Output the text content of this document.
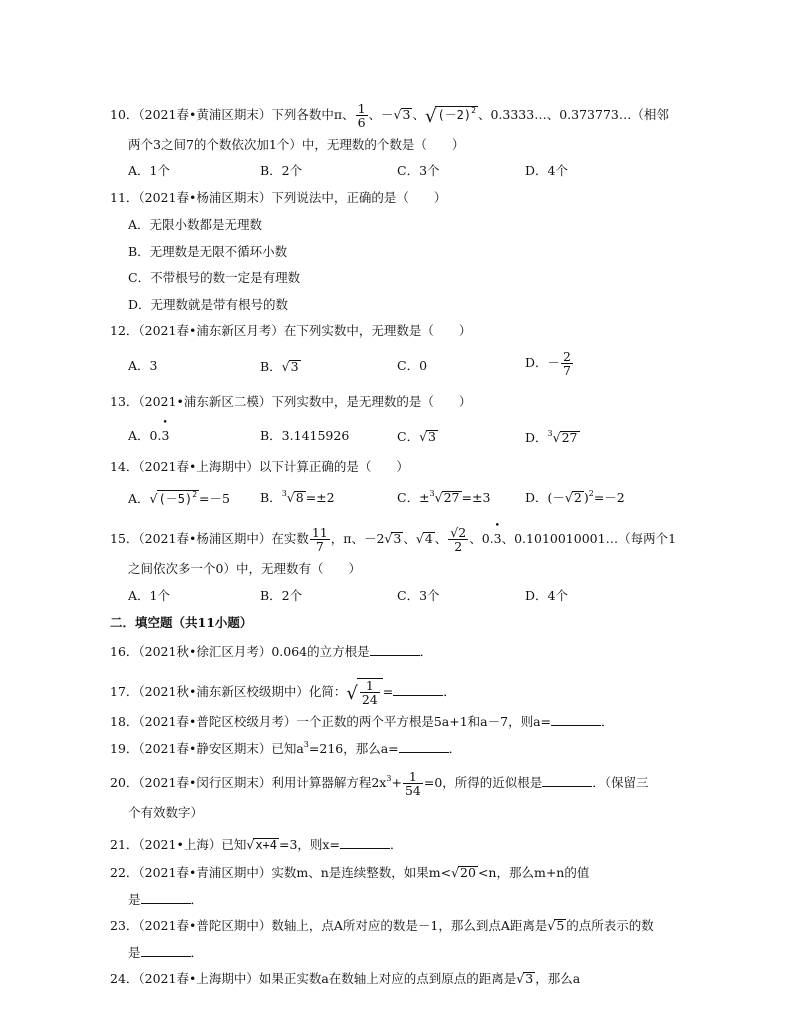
10．（2021春•黄浦区期末）下列各数中π、 $\frac{1}{6}$ 、－√3 、$√(-2)^2$ 、0.3333…、0.373773…（相邻
两个3之间7的个数依次加1个）中，无理数的个数是（　　）
A．1个	B．2个	C．3个	D．4个
11．（2021春•杨浦区期末）下列说法中，正确的是（　　）
A．无限小数都是无理数
B．无理数是无限不循环小数
C．不带根号的数一定是有理数
D．无理数就是带有根号的数
12．（2021春•浦东新区月考）在下列实数中，无理数是（　　）
A．3	B．√3	C．0	D．－ $\frac{2}{7}$
13．（2021•浦东新区二模）下列实数中，是无理数的是（　　）
A．0.• 3	B．3.1415926	C．√3	D．$^3$√27
14．（2021春•上海期中）以下计算正确的是（　　）
A．$√(-5)^2 =-5$ B．$^3$√8 =±2	C．±$^3$√27 =±3	D．(－√2 )$^2$=－2
15．（2021春•杨浦区期中）在实数 $\frac{11}{7}$ ，π、－2√3 、√4 、 $\frac{√2}{2}$ 、0.• 3、0.1010010001…（每两个1
之间依次多一个0）中，无理数有（　　）
A．1个	B．2个	C．3个	D．4个
二．填空题（共11小题）
16．（2021秋•徐汇区月考）0.064的立方根是	．
17．（2021秋•浦东新区校级期中）化简：√ $\frac{1}{24}$ =	．
18．（2021春•普陀区校级月考）一个正数的两个平方根是5a+1和a－7，则a=	．
19．（2021春•静安区期末）已知$a^3=216$，那么a=	．
20．（2021春•闵行区期末）利用计算器解方程$2x^3+ \frac{1}{54} =0$，所得的近似根是	．（保留三
个有效数字）
21．（2021•上海）已知√x+4 =3，则x=	．
22．（2021春•青浦区期中）实数m、n是连续整数，如果m<√20 <n，那么m+n的值
是	．
23．（2021春•普陀区期中）数轴上，点A所对应的数是－1，那么到点A距离是√5 的点所表示的数
是	．
24．（2021春•上海期中）如果正实数a在数轴上对应的点到原点的距离是√3 ，那么a
